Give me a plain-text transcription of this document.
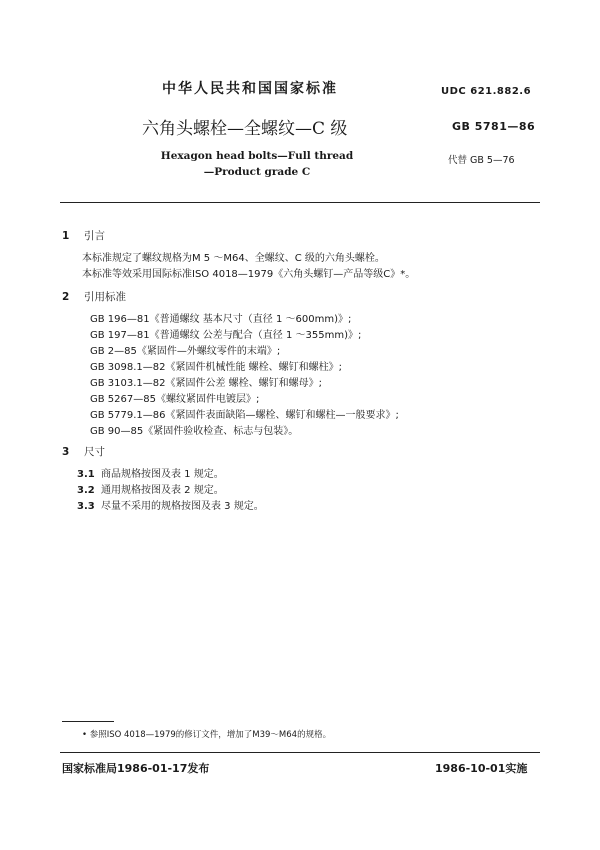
中华人民共和国国家标准	UDC 621.882.6
六角头螺栓—全螺纹—C 级	GB 5781—86
Hexagon head bolts—Full thread
—Product grade C
代替 GB 5—76
1 引言
本标准规定了螺纹规格为M 5 ～M64、全螺纹、C 级的六角头螺栓。
本标准等效采用国际标准ISO 4018—1979《六角头螺钉—产品等级C》*。
2 引用标准
GB 196—81《普通螺纹 基本尺寸（直径 1 ～600mm)》;
GB 197—81《普通螺纹 公差与配合（直径 1 ～355mm)》;
GB 2—85《紧固件—外螺纹零件的末端》;
GB 3098.1—82《紧固件机械性能 螺栓、螺钉和螺柱》;
GB 3103.1—82《紧固件公差 螺栓、螺钉和螺母》;
GB 5267—85《螺纹紧固件电镀层》;
GB 5779.1—86《紧固件表面缺陷—螺栓、螺钉和螺柱—一般要求》;
GB 90—85《紧固件验收检查、标志与包装》。
3 尺寸
3.1 商品规格按图及表 1 规定。
3.2 通用规格按图及表 2 规定。
3.3 尽量不采用的规格按图及表 3 规定。
• 参照ISO 4018—1979的修订文件，增加了M39～M64的规格。
国家标准局1986-01-17发布	1986-10-01实施
